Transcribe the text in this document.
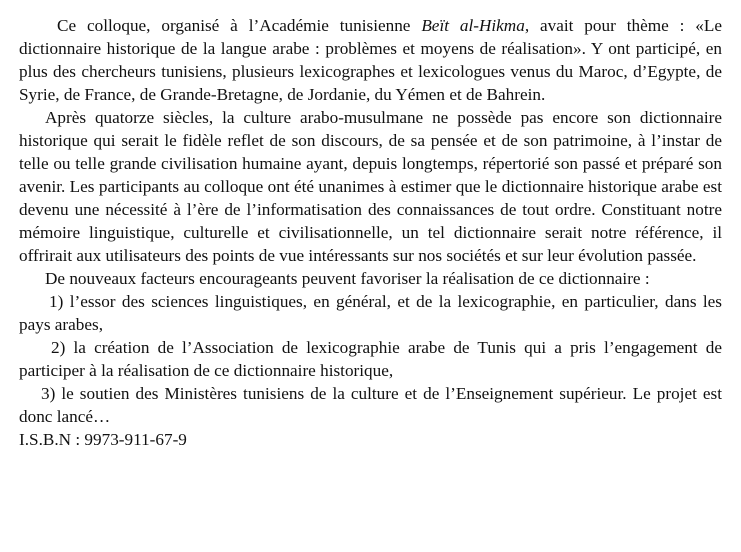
Ce colloque, organisé à l’Académie tunisienne Beït al-Hikma, avait pour thème : «Le dictionnaire historique de la langue arabe : problèmes et moyens de réalisation». Y ont participé, en plus des chercheurs tunisiens, plusieurs lexicographes et lexicologues venus du Maroc, d’Egypte, de Syrie, de France, de Grande-Bretagne, de Jordanie, du Yémen et de Bahrein.

Après quatorze siècles, la culture arabo-musulmane ne possède pas encore son dictionnaire historique qui serait le fidèle reflet de son discours, de sa pensée et de son patrimoine, à l’instar de telle ou telle grande civilisation humaine ayant, depuis longtemps, répertorié son passé et préparé son avenir. Les participants au colloque ont été unanimes à estimer que le dictionnaire historique arabe est devenu une nécessité à l’ère de l’informatisation des connaissances de tout ordre. Constituant notre mémoire linguistique, culturelle et civilisationnelle, un tel dictionnaire serait notre référence, il offrirait aux utilisateurs des points de vue intéressants sur nos sociétés et sur leur évolution passée.

De nouveaux facteurs encourageants peuvent favoriser la réalisation de ce dictionnaire :

1) l’essor des sciences linguistiques, en général, et de la lexicographie, en particulier, dans les pays arabes,

2) la création de l’Association de lexicographie arabe de Tunis qui a pris l’engagement de participer à la réalisation de ce dictionnaire historique,

3) le soutien des Ministères tunisiens de la culture et de l’Enseignement supérieur. Le projet est donc lancé…

I.S.B.N : 9973-911-67-9
